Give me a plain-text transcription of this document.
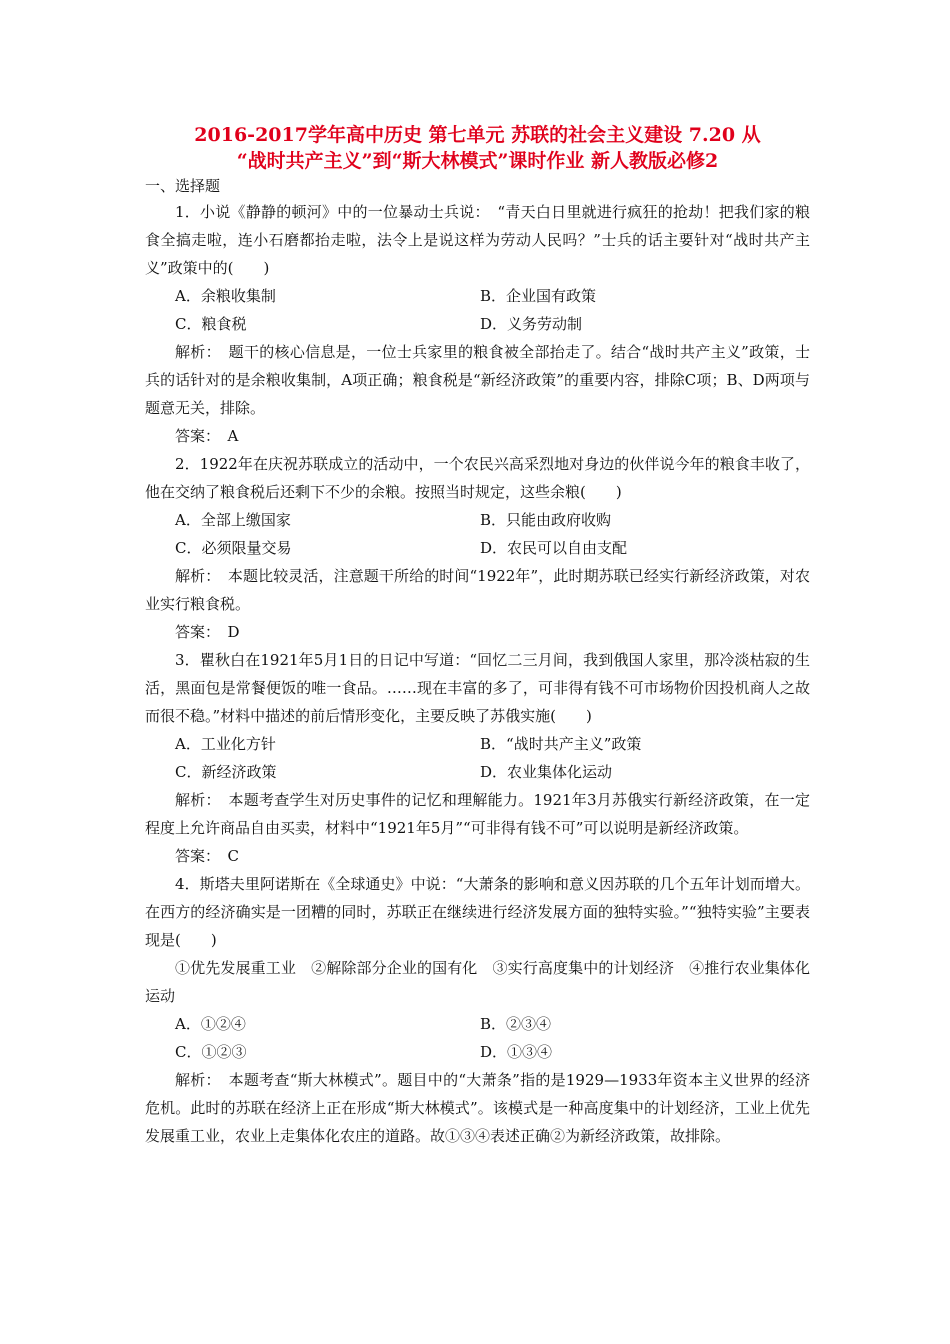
2016-2017学年高中历史 第七单元 苏联的社会主义建设 7.20 从
“战时共产主义”到“斯大林模式”课时作业 新人教版必修2
一、选择题

1．小说《静静的顿河》中的一位暴动士兵说：　“青天白日里就进行疯狂的抢劫！把我们家的粮食全搞走啦，连小石磨都抬走啦，法令上是说这样为劳动人民吗？”士兵的话主要针对“战时共产主义”政策中的(　　)

A．余粮收集制	B．企业国有政策
C．粮食税	D．义务劳动制

解析：　题干的核心信息是，一位士兵家里的粮食被全部抬走了。结合“战时共产主义”政策，士兵的话针对的是余粮收集制，A项正确；粮食税是“新经济政策”的重要内容，排除C项；B、D两项与题意无关，排除。

答案：　A

2．1922年在庆祝苏联成立的活动中，一个农民兴高采烈地对身边的伙伴说今年的粮食丰收了，他在交纳了粮食税后还剩下不少的余粮。按照当时规定，这些余粮(　　)

A．全部上缴国家	B．只能由政府收购
C．必须限量交易	D．农民可以自由支配

解析：　本题比较灵活，注意题干所给的时间“1922年”，此时期苏联已经实行新经济政策，对农业实行粮食税。

答案：　D

3．瞿秋白在1921年5月1日的日记中写道：“回忆二三月间，我到俄国人家里，那冷淡枯寂的生活，黑面包是常餐便饭的唯一食品。……现在丰富的多了，可非得有钱不可市场物价因投机商人之故而很不稳。”材料中描述的前后情形变化，主要反映了苏俄实施(　　)

A．工业化方针	B．“战时共产主义”政策
C．新经济政策	D．农业集体化运动

解析：　本题考查学生对历史事件的记忆和理解能力。1921年3月苏俄实行新经济政策，在一定程度上允许商品自由买卖，材料中“1921年5月”“可非得有钱不可”可以说明是新经济政策。

答案：　C

4．斯塔夫里阿诺斯在《全球通史》中说：“大萧条的影响和意义因苏联的几个五年计划而增大。在西方的经济确实是一团糟的同时，苏联正在继续进行经济发展方面的独特实验。”“独特实验”主要表现是(　　)

①优先发展重工业　②解除部分企业的国有化　③实行高度集中的计划经济　④推行农业集体化运动

A．①②④	B．②③④
C．①②③	D．①③④

解析：　本题考查“斯大林模式”。题目中的“大萧条”指的是1929—1933年资本主义世界的经济危机。此时的苏联在经济上正在形成“斯大林模式”。该模式是一种高度集中的计划经济，工业上优先发展重工业，农业上走集体化农庄的道路。故①③④表述正确②为新经济政策，故排除。
